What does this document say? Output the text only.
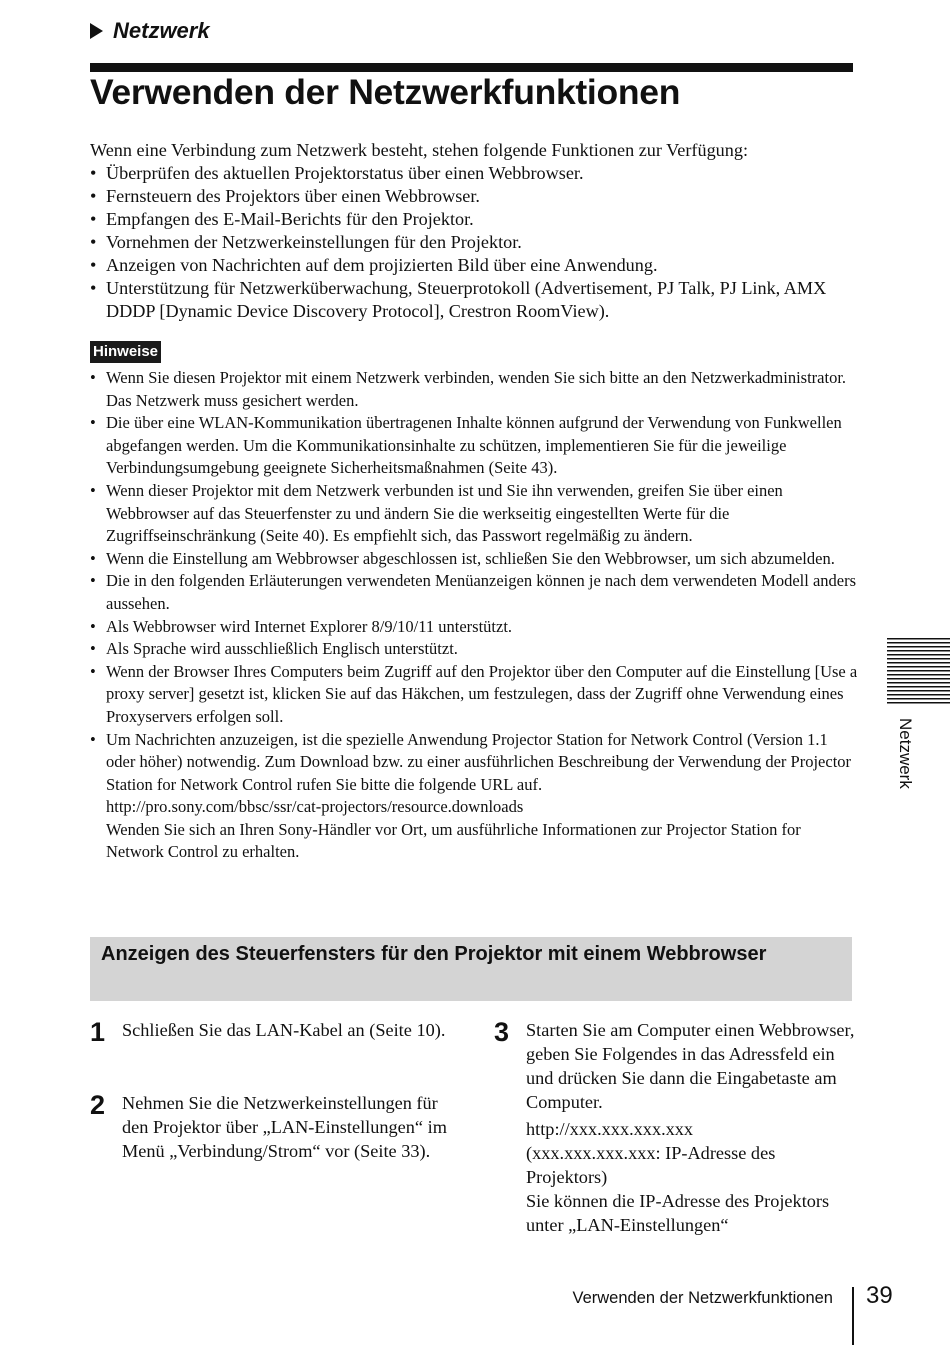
Netzwerk
Verwenden der Netzwerkfunktionen

Wenn eine Verbindung zum Netzwerk besteht, stehen folgende Funktionen zur Verfügung:

• Überprüfen des aktuellen Projektorstatus über einen Webbrowser.
• Fernsteuern des Projektors über einen Webbrowser.
• Empfangen des E-Mail-Berichts für den Projektor.
• Vornehmen der Netzwerkeinstellungen für den Projektor.
• Anzeigen von Nachrichten auf dem projizierten Bild über eine Anwendung.
• Unterstützung für Netzwerküberwachung, Steuerprotokoll (Advertisement, PJ Talk, PJ Link, AMX DDDP [Dynamic Device Discovery Protocol], Crestron RoomView).
Hinweise
• Wenn Sie diesen Projektor mit einem Netzwerk verbinden, wenden Sie sich bitte an den Netzwerkadministrator. Das Netzwerk muss gesichert werden.
• Die über eine WLAN-Kommunikation übertragenen Inhalte können aufgrund der Verwendung von Funkwellen abgefangen werden. Um die Kommunikationsinhalte zu schützen, implementieren Sie für die jeweilige Verbindungsumgebung geeignete Sicherheitsmaßnahmen (Seite 43).
• Wenn dieser Projektor mit dem Netzwerk verbunden ist und Sie ihn verwenden, greifen Sie über einen Webbrowser auf das Steuerfenster zu und ändern Sie die werkseitig eingestellten Werte für die Zugriffseinschränkung (Seite 40). Es empfiehlt sich, das Passwort regelmäßig zu ändern.
• Wenn die Einstellung am Webbrowser abgeschlossen ist, schließen Sie den Webbrowser, um sich abzumelden.
• Die in den folgenden Erläuterungen verwendeten Menüanzeigen können je nach dem verwendeten Modell anders aussehen.
• Als Webbrowser wird Internet Explorer 8/9/10/11 unterstützt.
• Als Sprache wird ausschließlich Englisch unterstützt.
• Wenn der Browser Ihres Computers beim Zugriff auf den Projektor über den Computer auf die Einstellung [Use a proxy server] gesetzt ist, klicken Sie auf das Häkchen, um festzulegen, dass der Zugriff ohne Verwendung eines Proxyservers erfolgen soll.
• Um Nachrichten anzuzeigen, ist die spezielle Anwendung Projector Station for Network Control (Version 1.1 oder höher) notwendig. Zum Download bzw. zu einer ausführlichen Beschreibung der Verwendung der Projector Station for Network Control rufen Sie bitte die folgende URL auf.
http://pro.sony.com/bbsc/ssr/cat-projectors/resource.downloads
Wenden Sie sich an Ihren Sony-Händler vor Ort, um ausführliche Informationen zur Projector Station for Network Control zu erhalten.
Anzeigen des Steuerfensters für den Projektor mit einem Webbrowser
1 Schließen Sie das LAN-Kabel an (Seite 10).

2 Nehmen Sie die Netzwerkeinstellungen für den Projektor über „LAN-Einstellungen“ im Menü „Verbindung/Strom“ vor (Seite 33).

3 Starten Sie am Computer einen Webbrowser, geben Sie Folgendes in das Adressfeld ein und drücken Sie dann die Eingabetaste am Computer.

http://xxx.xxx.xxx.xxx

(xxx.xxx.xxx.xxx: IP-Adresse des Projektors)

Sie können die IP-Adresse des Projektors unter „LAN-Einstellungen“

Netzwerk
Verwenden der Netzwerkfunktionen 39
